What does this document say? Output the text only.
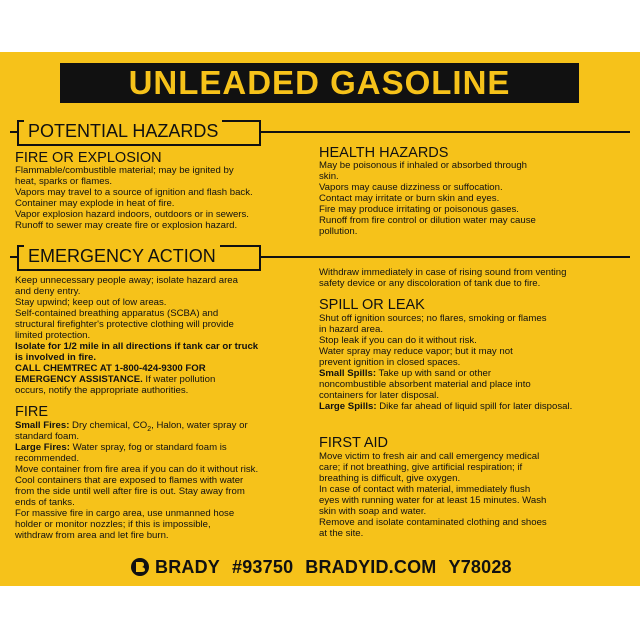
UNLEADED GASOLINE
POTENTIAL HAZARDS
FIRE OR EXPLOSION
Flammable/combustible material; may be ignited by
heat, sparks or flames.
Vapors may travel to a source of ignition and flash back.
Container may explode in heat of fire.
Vapor explosion hazard indoors, outdoors or in sewers.
Runoff to sewer may create fire or explosion hazard.
HEALTH HAZARDS
May be poisonous if inhaled or absorbed through
skin.
Vapors may cause dizziness or suffocation.
Contact may irritate or burn skin and eyes.
Fire may produce irritating or poisonous gases.
Runoff from fire control or dilution water may cause
pollution.
EMERGENCY ACTION
Keep unnecessary people away; isolate hazard area
and deny entry.
Stay upwind; keep out of low areas.
Self-contained breathing apparatus (SCBA) and
structural firefighter's protective clothing will provide
limited protection.
Isolate for 1/2 mile in all directions if tank car or truck
is involved in fire.
CALL CHEMTREC AT 1-800-424-9300 FOR
EMERGENCY ASSISTANCE. If water pollution
occurs, notify the appropriate authorities.
Withdraw immediately in case of rising sound from venting
safety device or any discoloration of tank due to fire.
FIRE
Small Fires: Dry chemical, $CO_2$, Halon, water spray or
standard foam.
Large Fires: Water spray, fog or standard foam is
recommended.
Move container from fire area if you can do it without risk.
Cool containers that are exposed to flames with water
from the side until well after fire is out. Stay away from
ends of tanks.
For massive fire in cargo area, use unmanned hose
holder or monitor nozzles; if this is impossible,
withdraw from area and let fire burn.
SPILL OR LEAK
Shut off ignition sources; no flares, smoking or flames
in hazard area.
Stop leak if you can do it without risk.
Water spray may reduce vapor; but it may not
prevent ignition in closed spaces.
Small Spills: Take up with sand or other
noncombustible absorbent material and place into
containers for later disposal.
Large Spills: Dike far ahead of liquid spill for later disposal.
FIRST AID
Move victim to fresh air and call emergency medical
care; if not breathing, give artificial respiration; if
breathing is difficult, give oxygen.
In case of contact with material, immediately flush
eyes with running water for at least 15 minutes. Wash
skin with soap and water.
Remove and isolate contaminated clothing and shoes
at the site.
BRADY #93750 BRADYID.COM Y78028
